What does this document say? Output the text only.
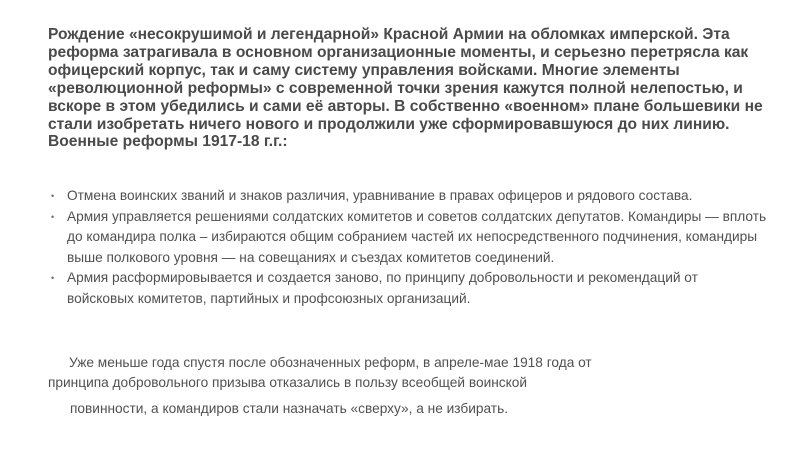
Рождение «несокрушимой и легендарной» Красной Армии на обломках имперской. Эта реформа затрагивала в основном организационные моменты, и серьезно перетрясла как офицерский корпус, так и саму систему управления войсками. Многие элементы «революционной реформы» с современной точки зрения кажутся полной нелепостью, и вскоре в этом убедились и сами её авторы. В собственно «военном» плане большевики не стали изобретать ничего нового и продолжили уже сформировавшуюся до них линию. Военные реформы 1917-18 г.г.:

• Отмена воинских званий и знаков различия, уравнивание в правах офицеров и рядового состава.
• Армия управляется решениями солдатских комитетов и советов солдатских депутатов. Командиры — вплоть до командира полка – избираются общим собранием частей их непосредственного подчинения, командиры выше полкового уровня — на совещаниях и съездах комитетов соединений.
• Армия расформировывается и создается заново, по принципу добровольности и рекомендаций от войсковых комитетов, партийных и профсоюзных организаций.
Уже меньше года спустя после обозначенных реформ, в апреле-мае 1918 года от
принципа добровольного призыва отказались в пользу всеобщей воинской
повинности, а командиров стали назначать «сверху», а не избирать.
